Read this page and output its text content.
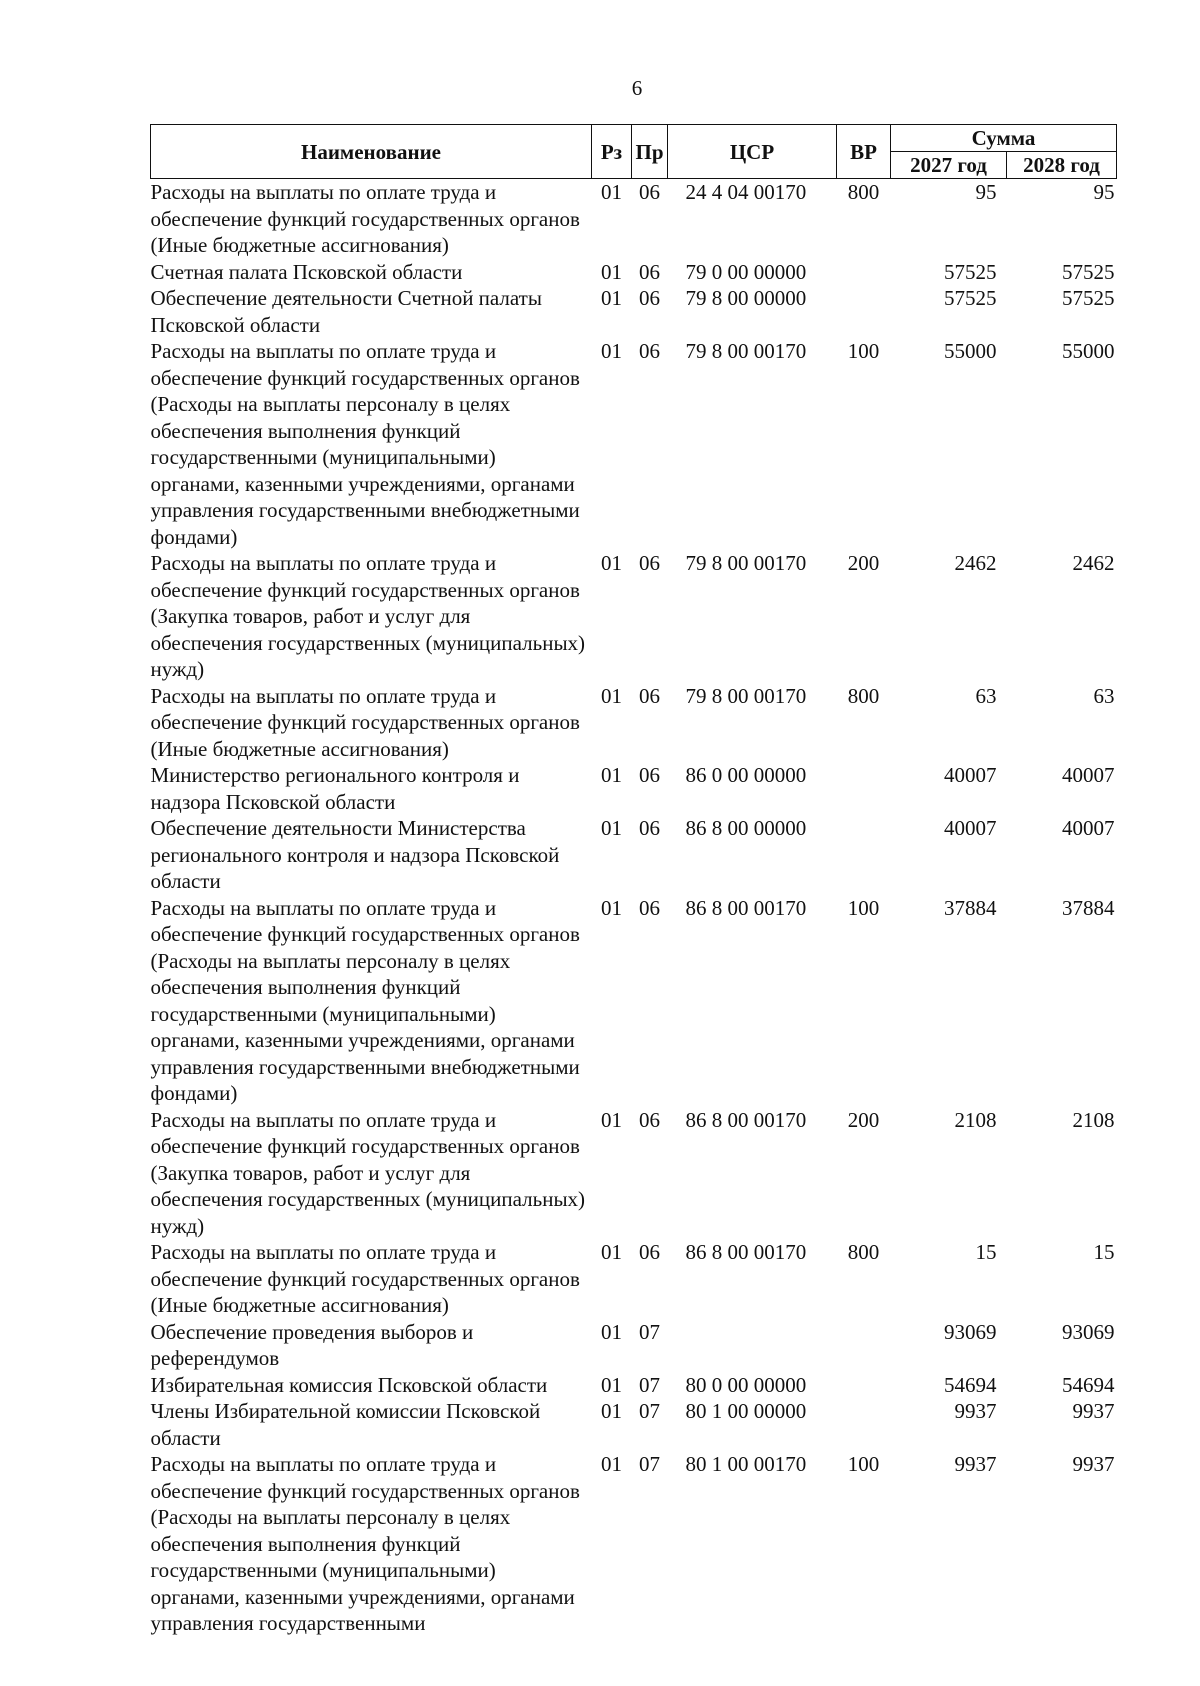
6
Наименование	Рз	Пр	ЦСР	ВР	Сумма	
					2027 год	2028 год
Расходы на выплаты по оплате труда и обеспечение функций государственных органов (Иные бюджетные ассигнования)	01	06	24 4 04 00170	800	95	95
Счетная палата Псковской области	01	06	79 0 00 00000		57525	57525
Обеспечение деятельности Счетной палаты Псковской области	01	06	79 8 00 00000		57525	57525
Расходы на выплаты по оплате труда и обеспечение функций государственных органов (Расходы на выплаты персоналу в целях обеспечения выполнения функций государственными (муниципальными) органами, казенными учреждениями, органами управления государственными внебюджетными фондами)	01	06	79 8 00 00170	100	55000	55000
Расходы на выплаты по оплате труда и обеспечение функций государственных органов (Закупка товаров, работ и услуг для обеспечения государственных (муниципальных) нужд)	01	06	79 8 00 00170	200	2462	2462
Расходы на выплаты по оплате труда и обеспечение функций государственных органов (Иные бюджетные ассигнования)	01	06	79 8 00 00170	800	63	63
Министерство регионального контроля и надзора Псковской области	01	06	86 0 00 00000		40007	40007
Обеспечение деятельности Министерства регионального контроля и надзора Псковской области	01	06	86 8 00 00000		40007	40007
Расходы на выплаты по оплате труда и обеспечение функций государственных органов (Расходы на выплаты персоналу в целях обеспечения выполнения функций государственными (муниципальными) органами, казенными учреждениями, органами управления государственными внебюджетными фондами)	01	06	86 8 00 00170	100	37884	37884
Расходы на выплаты по оплате труда и обеспечение функций государственных органов (Закупка товаров, работ и услуг для обеспечения государственных (муниципальных) нужд)	01	06	86 8 00 00170	200	2108	2108
Расходы на выплаты по оплате труда и обеспечение функций государственных органов (Иные бюджетные ассигнования)	01	06	86 8 00 00170	800	15	15
Обеспечение проведения выборов и референдумов	01	07			93069	93069
Избирательная комиссия Псковской области	01	07	80 0 00 00000		54694	54694
Члены Избирательной комиссии Псковской области	01	07	80 1 00 00000		9937	9937
Расходы на выплаты по оплате труда и обеспечение функций государственных органов (Расходы на выплаты персоналу в целях обеспечения выполнения функций государственными (муниципальными) органами, казенными учреждениями, органами управления государственными	01	07	80 1 00 00170	100	9937	9937
